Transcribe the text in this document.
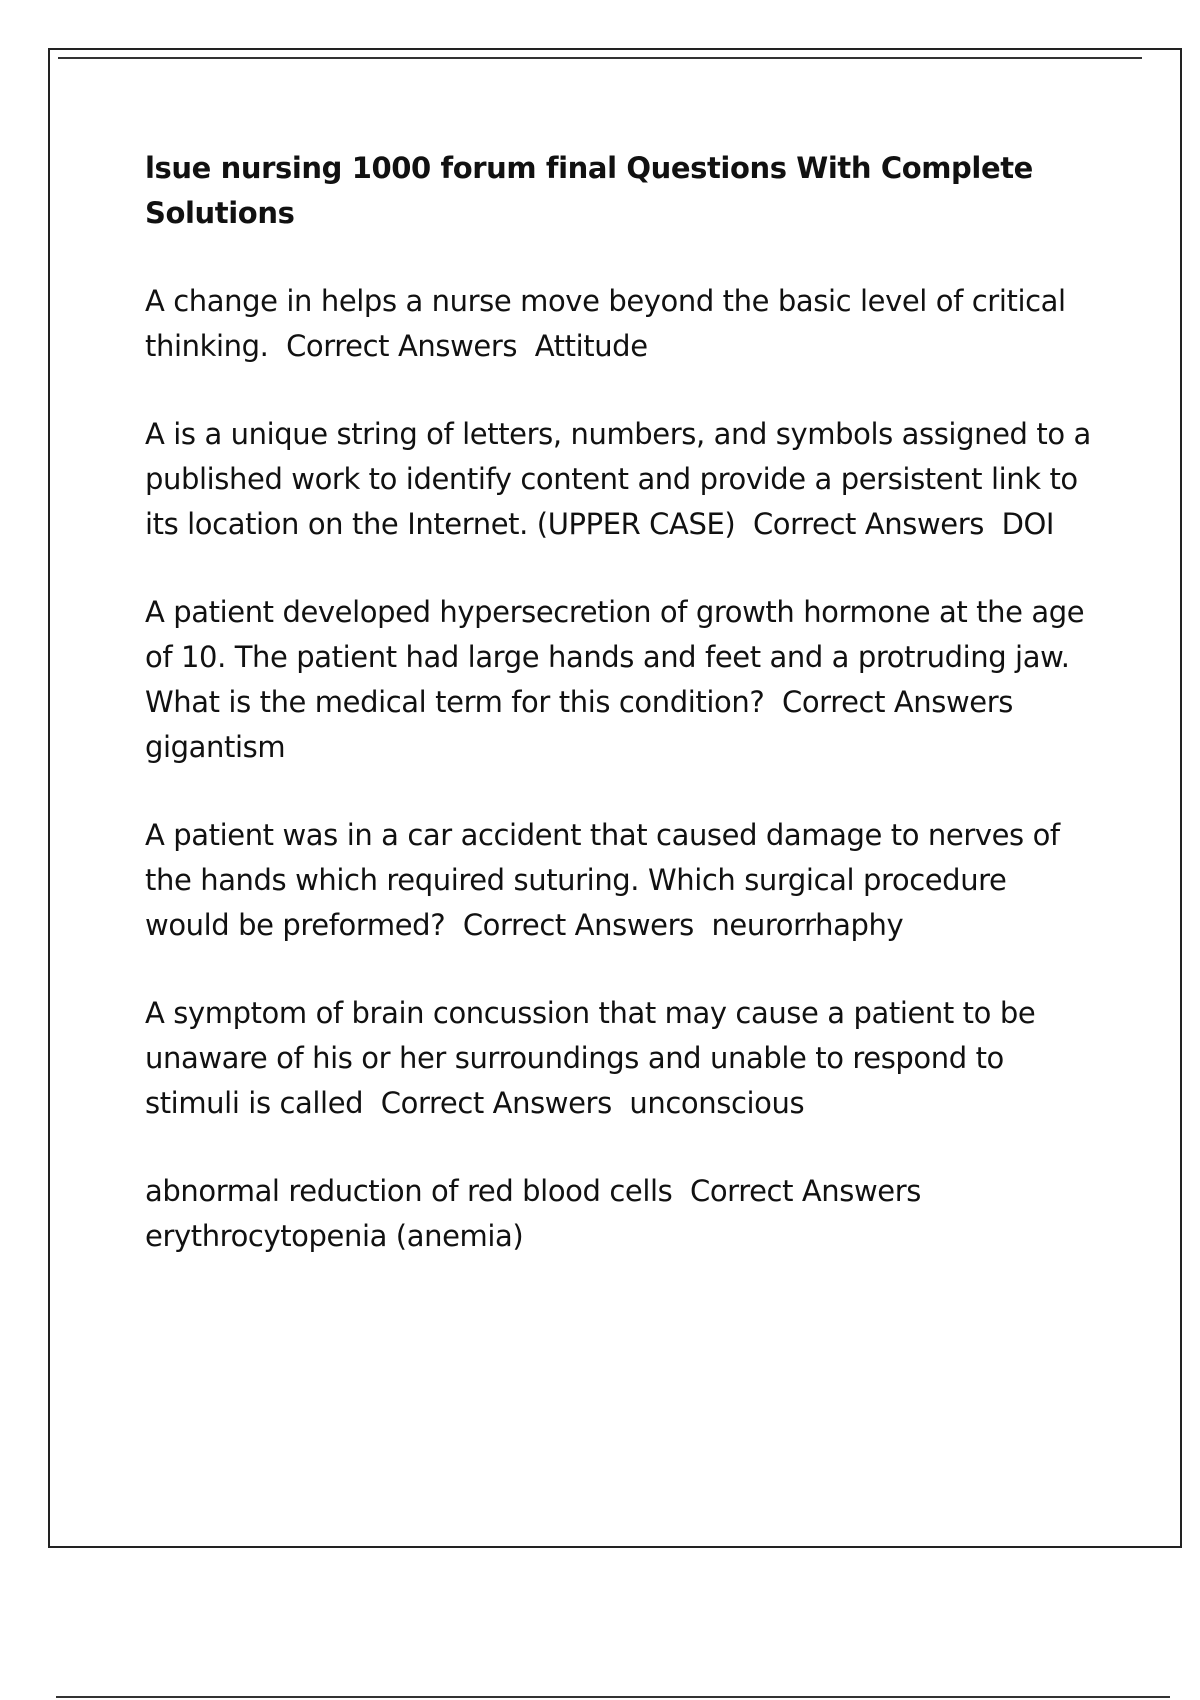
lsue nursing 1000 forum final Questions With Complete Solutions

A change in helps a nurse move beyond the basic level of critical thinking.  Correct Answers  Attitude

A is a unique string of letters, numbers, and symbols assigned to a published work to identify content and provide a persistent link to its location on the Internet. (UPPER CASE)  Correct Answers  DOI

A patient developed hypersecretion of growth hormone at the age of 10. The patient had large hands and feet and a protruding jaw. What is the medical term for this condition?  Correct Answers  gigantism

A patient was in a car accident that caused damage to nerves of the hands which required suturing. Which surgical procedure would be preformed?  Correct Answers  neurorrhaphy

A symptom of brain concussion that may cause a patient to be unaware of his or her surroundings and unable to respond to stimuli is called  Correct Answers  unconscious

abnormal reduction of red blood cells  Correct Answers  erythrocytopenia (anemia)
